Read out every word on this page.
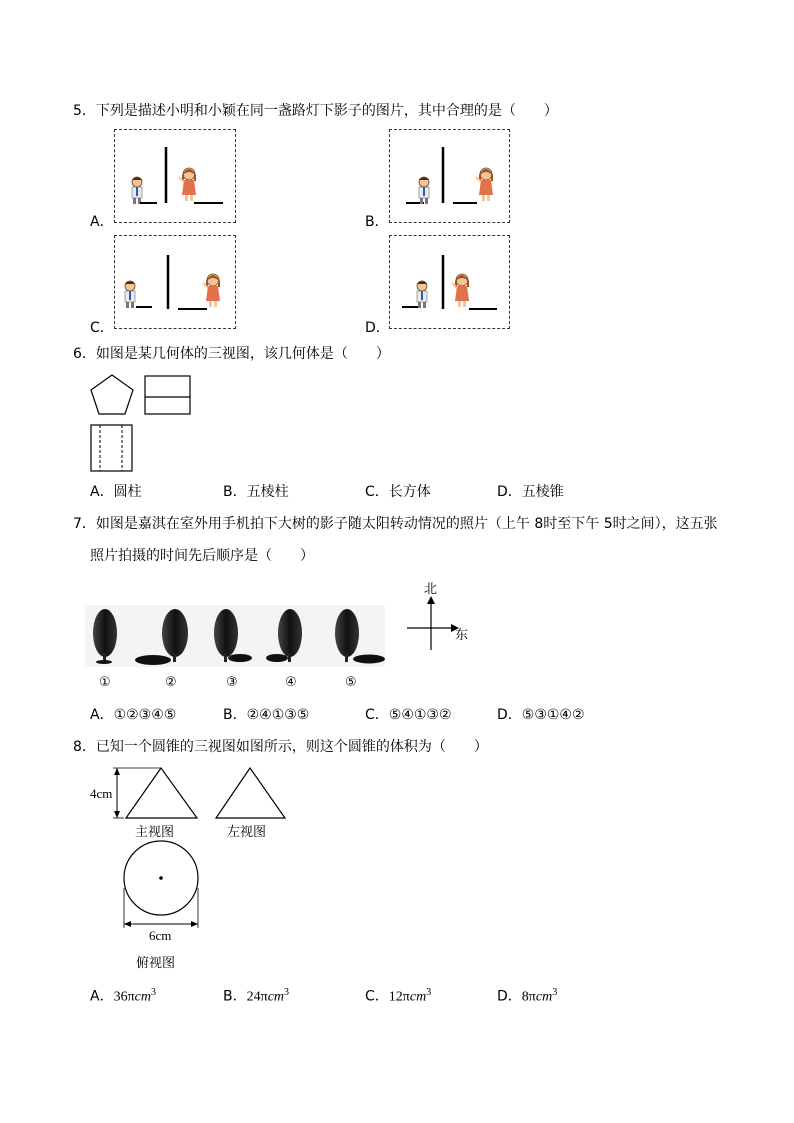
5．下列是描述小明和小颖在同一盏路灯下影子的图片，其中合理的是（　　）
A．	B．
C．	D．
6．如图是某几何体的三视图，该几何体是（　　）
A．圆柱	B．五棱柱	C．长方体	D．五棱锥
7．如图是嘉淇在室外用手机拍下大树的影子随太阳转动情况的照片（上午 8时至下午 5时之间），这五张
照片拍摄的时间先后顺序是（　　）
①	②	③	④	⑤
北
东
A．①②③④⑤	B．②④①③⑤	C．⑤④①③②	D．⑤③①④②
8．已知一个圆锥的三视图如图所示，则这个圆锥的体积为（　　）
4cm
主视图	左视图
6cm
俯视图
A．36πcm$^3$	B．24πcm$^3$	C．12πcm$^3$	D．8πcm$^3$
